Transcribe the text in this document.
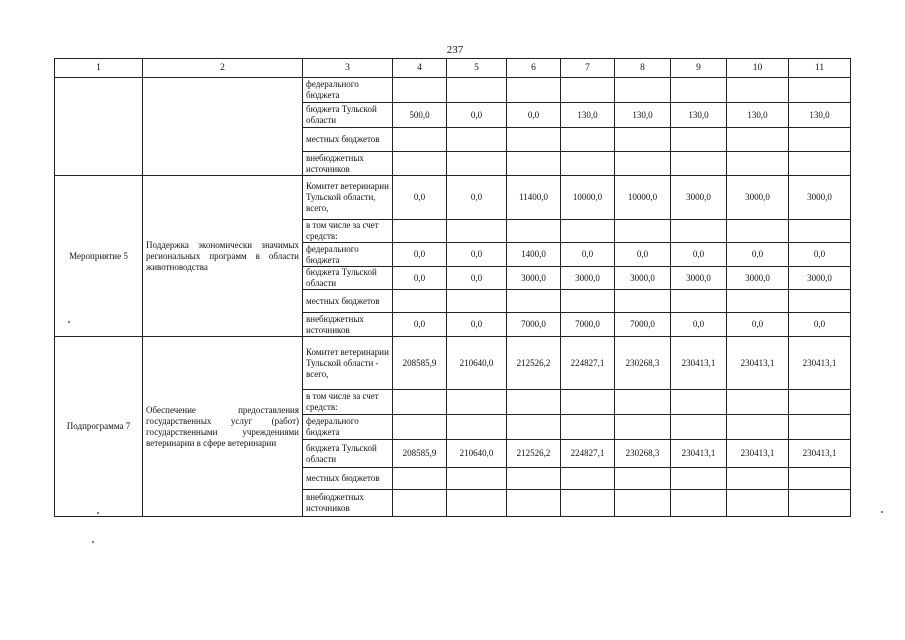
237
1	2	3	4	5	6	7	8	9	10	11
		федерального бюджета								
		бюджета Тульской области	500,0	0,0	0,0	130,0	130,0	130,0	130,0	130,0
		местных бюджетов								
		внебюджетных источников								
Мероприятие 5	Поддержка экономически значимых региональных программ в области животноводства	Комитет ветеринарии Тульской области, всего,	0,0	0,0	11400,0	10000,0	10000,0	3000,0	3000,0	3000,0
		в том числе за счет средств:								
		федерального бюджета	0,0	0,0	1400,0	0,0	0,0	0,0	0,0	0,0
		бюджета Тульской области	0,0	0,0	3000,0	3000,0	3000,0	3000,0	3000,0	3000,0
		местных бюджетов								
		внебюджетных источников	0,0	0,0	7000,0	7000,0	7000,0	0,0	0,0	0,0
Подпрограмма 7	Обеспечение предоставления государственных услуг (работ) государственными учреждениями ветеринарии в сфере ветеринарии	Комитет ветеринарии Тульской области - всего,	208585,9	210640,0	212526,2	224827,1	230268,3	230413,1	230413,1	230413,1
		в том числе за счет средств:								
		федерального бюджета								
		бюджета Тульской области	208585,9	210640,0	212526,2	224827,1	230268,3	230413,1	230413,1	230413,1
		местных бюджетов								
		внебюджетных источников								
